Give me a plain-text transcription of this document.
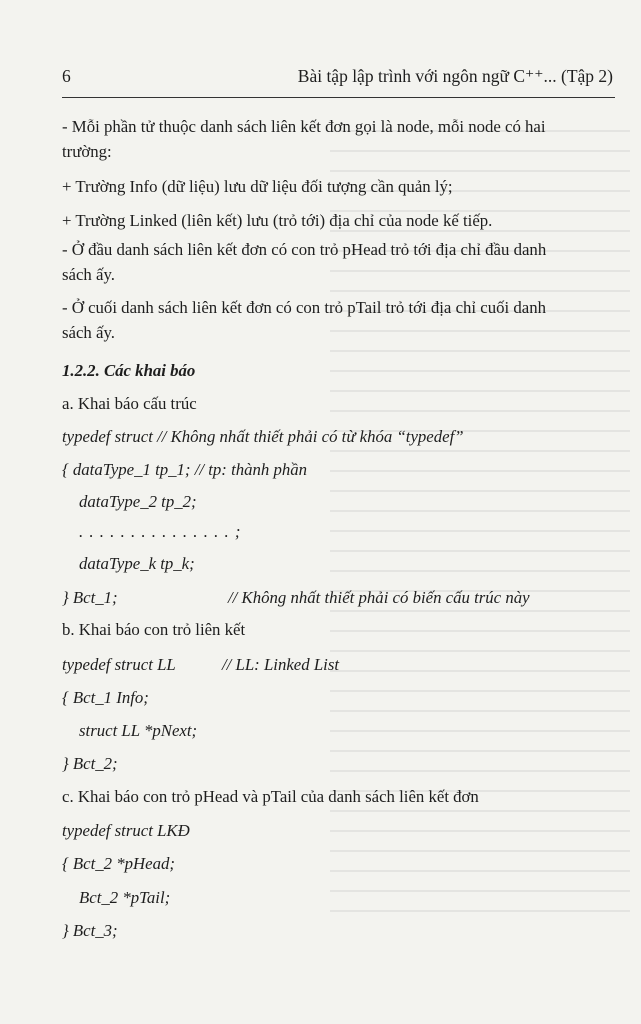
6	Bài tập lập trình với ngôn ngữ C⁺⁺... (Tập 2)
- Mỗi phần tử thuộc danh sách liên kết đơn gọi là node, mỗi node có hai
trường:
+ Trường Info (dữ liệu) lưu dữ liệu đối tượng cần quản lý;
+ Trường Linked (liên kết) lưu (trỏ tới) địa chỉ của node kế tiếp.
- Ở đầu danh sách liên kết đơn có con trỏ pHead trỏ tới địa chỉ đầu danh
sách ấy.
- Ở cuối danh sách liên kết đơn có con trỏ pTail trỏ tới địa chỉ cuối danh
sách ấy.
1.2.2. Các khai báo
a. Khai báo cấu trúc
typedef struct // Không nhất thiết phải có từ khóa “typedef”
{ dataType_1 tp_1; // tp: thành phần
dataType_2 tp_2;
. . . . . . . . . . . . . . . ;
dataType_k tp_k;
} Bct_1;	// Không nhất thiết phải có biến cấu trúc này
b. Khai báo con trỏ liên kết
typedef struct LL	// LL: Linked List
{ Bct_1 Info;
struct LL *pNext;
} Bct_2;
c. Khai báo con trỏ pHead và pTail của danh sách liên kết đơn
typedef struct LKĐ
{ Bct_2 *pHead;
Bct_2 *pTail;
} Bct_3;
